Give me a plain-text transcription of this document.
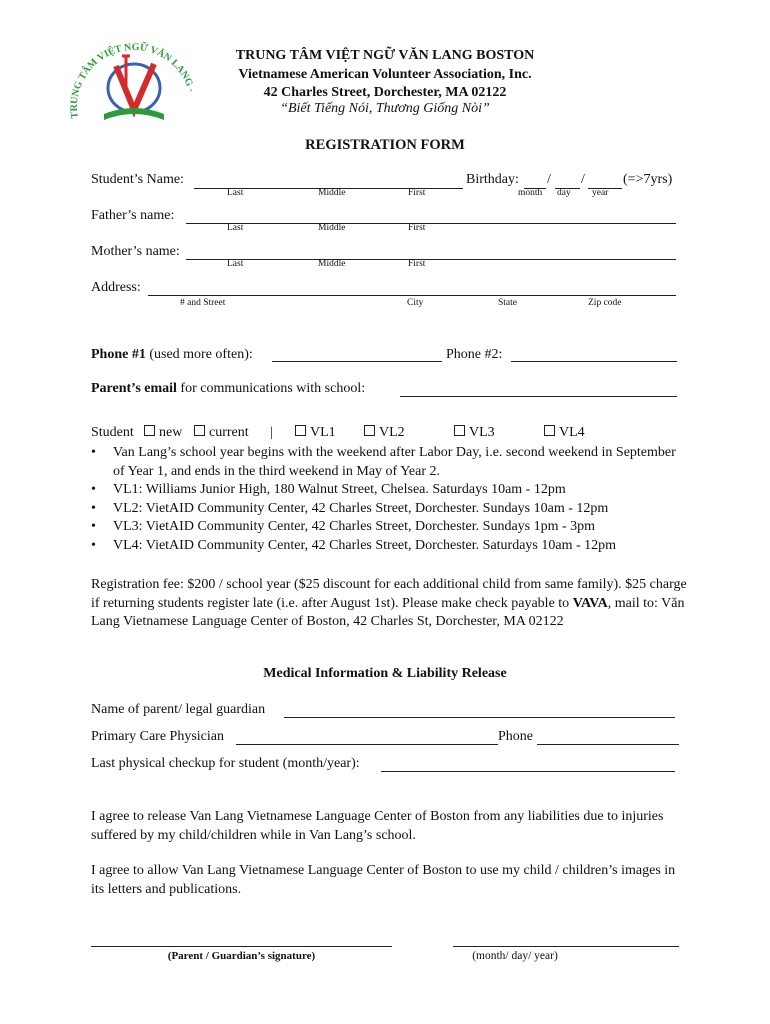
TRUNG TÂM VIỆT NGỮ VĂN LANG -
TRUNG TÂM VIỆT NGỮ VĂN LANG BOSTON
Vietnamese American Volunteer Association, Inc.
42 Charles Street, Dorchester, MA 02122
“Biết Tiếng Nói, Thương Giống Nòi”
REGISTRATION FORM
Student’s Name:
Last	Middle	First
Birthday: / /	(=>7yrs)
month day year
Father’s name:
Last	Middle	First
Mother’s name:
Last	Middle	First
Address:
# and Street	City	State	Zip code
Phone #1 (used more often):	Phone #2:
Parent’s email for communications with school:
Student	new	current |	VL1	VL2	VL3	VL4
• Van Lang’s school year begins with the weekend after Labor Day, i.e. second weekend in September of Year 1, and ends in the third weekend in May of Year 2.
• VL1: Williams Junior High, 180 Walnut Street, Chelsea. Saturdays 10am - 12pm
• VL2: VietAID Community Center, 42 Charles Street, Dorchester. Sundays 10am - 12pm
• VL3: VietAID Community Center, 42 Charles Street, Dorchester. Sundays 1pm - 3pm
• VL4: VietAID Community Center, 42 Charles Street, Dorchester. Saturdays 10am - 12pm
Registration fee: $200 / school year ($25 discount for each additional child from same family). $25 charge if returning students register late (i.e. after August 1st). Please make check payable to VAVA, mail to: Văn Lang Vietnamese Language Center of Boston, 42 Charles St, Dorchester, MA 02122
Medical Information & Liability Release
Name of parent/ legal guardian
Primary Care Physician	Phone
Last physical checkup for student (month/year):
I agree to release Van Lang Vietnamese Language Center of Boston from any liabilities due to injuries suffered by my child/children while in Van Lang’s school.
I agree to allow Van Lang Vietnamese Language Center of Boston to use my child / children’s images in its letters and publications.
(Parent / Guardian’s signature)	(month/ day/ year)
